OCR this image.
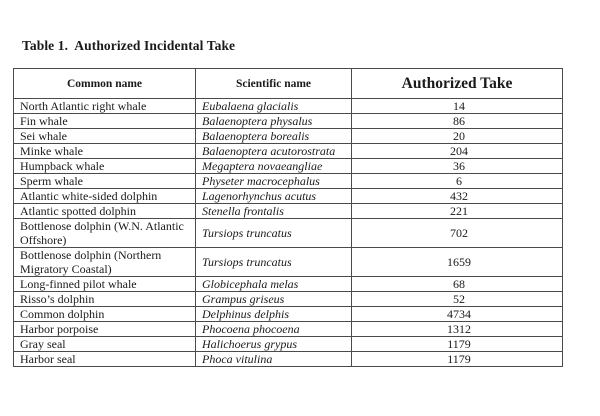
Table 1.  Authorized Incidental Take
Common name	Scientific name	Authorized Take
North Atlantic right whale	Eubalaena glacialis	14
Fin whale	Balaenoptera physalus	86
Sei whale	Balaenoptera borealis	20
Minke whale	Balaenoptera acutorostrata	204
Humpback whale	Megaptera novaeangliae	36
Sperm whale	Physeter macrocephalus	6
Atlantic white-sided dolphin	Lagenorhynchus acutus	432
Atlantic spotted dolphin	Stenella frontalis	221
Bottlenose dolphin (W.N. Atlantic Offshore)	Tursiops truncatus	702
Bottlenose dolphin (Northern Migratory Coastal)	Tursiops truncatus	1659
Long-finned pilot whale	Globicephala melas	68
Risso’s dolphin	Grampus griseus	52
Common dolphin	Delphinus delphis	4734
Harbor porpoise	Phocoena phocoena	1312
Gray seal	Halichoerus grypus	1179
Harbor seal	Phoca vitulina	1179
